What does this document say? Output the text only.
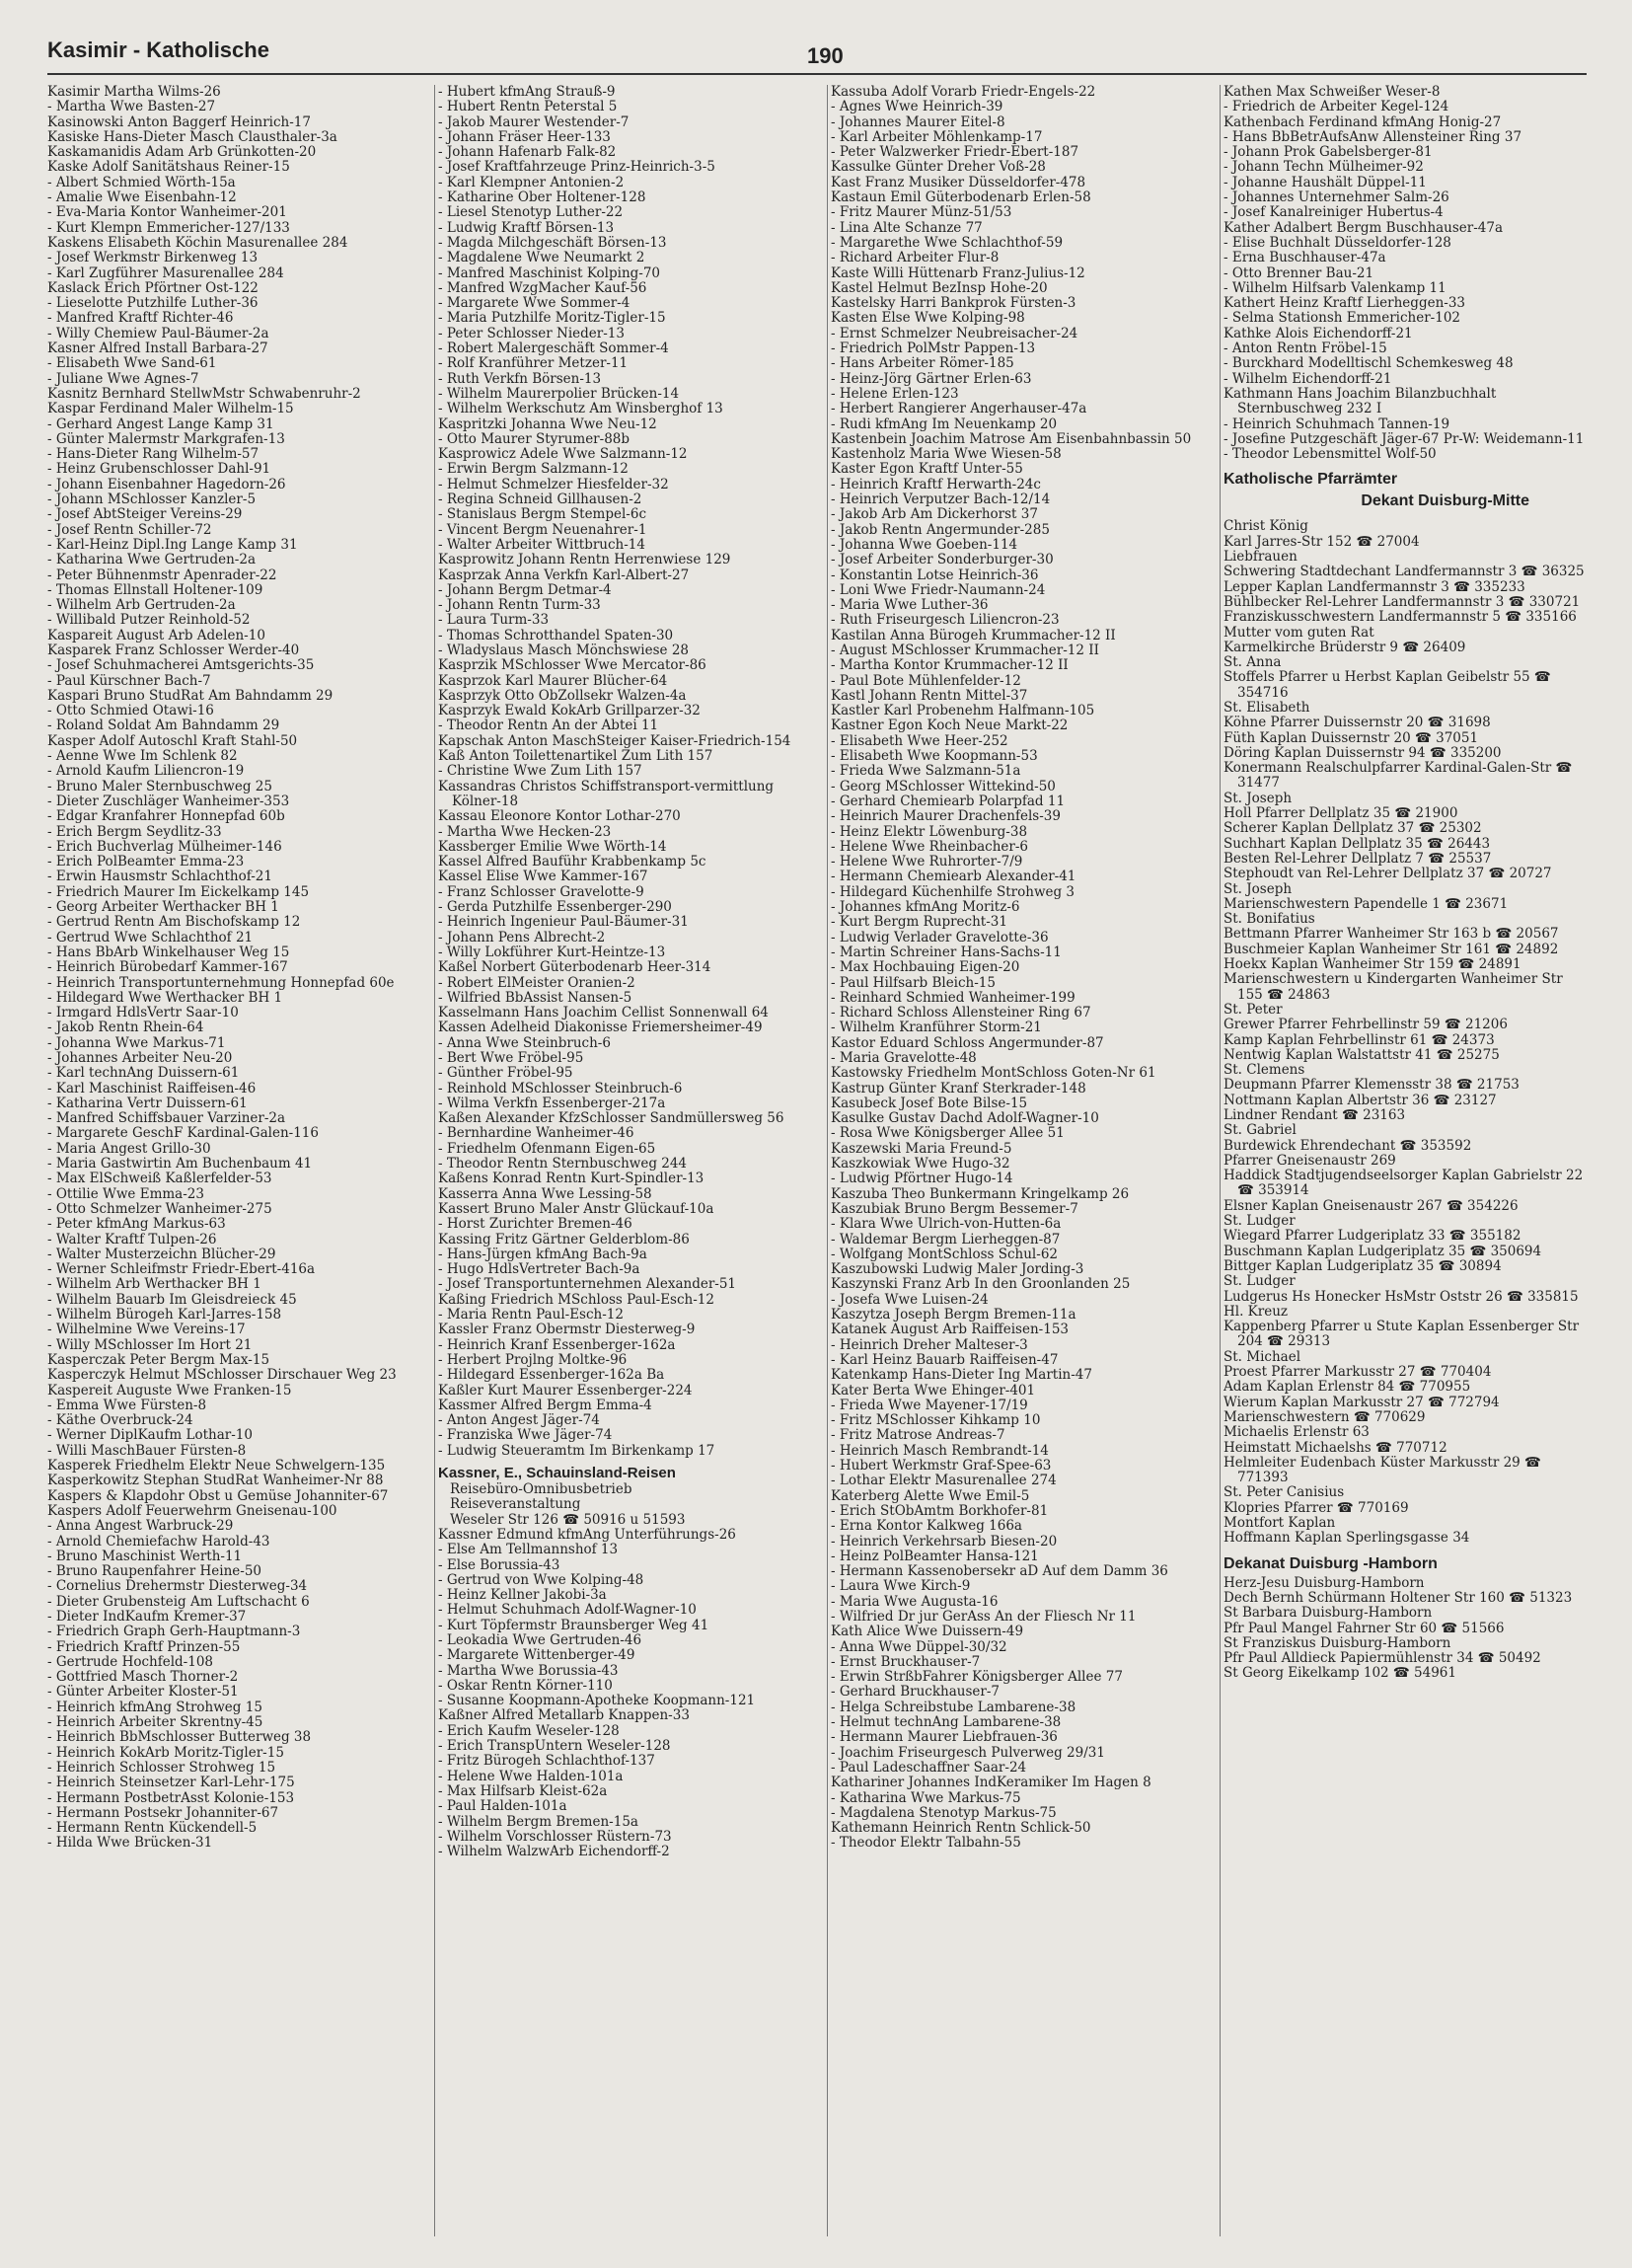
Kasimir - Katholische	190
Kasimir Martha Wilms-26
- Martha Wwe Basten-27
Kasinowski Anton Baggerf Heinrich-17
Kasiske Hans-Dieter Masch Clausthaler-3a
Kaskamanidis Adam Arb Grünkotten-20
Kaske Adolf Sanitätshaus Reiner-15
- Albert Schmied Wörth-15a
- Amalie Wwe Eisenbahn-12
- Eva-Maria Kontor Wanheimer-201
- Kurt Klempn Emmericher-127/133
Kaskens Elisabeth Köchin Masurenallee 284
- Josef Werkmstr Birkenweg 13
- Karl Zugführer Masurenallee 284
Kaslack Erich Pförtner Ost-122
- Lieselotte Putzhilfe Luther-36
- Manfred Kraftf Richter-46
- Willy Chemiew Paul-Bäumer-2a
Kasner Alfred Install Barbara-27
- Elisabeth Wwe Sand-61
- Juliane Wwe Agnes-7
Kasnitz Bernhard StellwMstr Schwabenruhr-2
Kaspar Ferdinand Maler Wilhelm-15
- Gerhard Angest Lange Kamp 31
- Günter Malermstr Markgrafen-13
- Hans-Dieter Rang Wilhelm-57
- Heinz Grubenschlosser Dahl-91
- Johann Eisenbahner Hagedorn-26
- Johann MSchlosser Kanzler-5
- Josef AbtSteiger Vereins-29
- Josef Rentn Schiller-72
- Karl-Heinz Dipl.Ing Lange Kamp 31
- Katharina Wwe Gertruden-2a
- Peter Bühnenmstr Apenrader-22
- Thomas Ellnstall Holtener-109
- Wilhelm Arb Gertruden-2a
- Willibald Putzer Reinhold-52
Kaspareit August Arb Adelen-10
Kasparek Franz Schlosser Werder-40
- Josef Schuhmacherei Amtsgerichts-35
- Paul Kürschner Bach-7
Kaspari Bruno StudRat Am Bahndamm 29
- Otto Schmied Otawi-16
- Roland Soldat Am Bahndamm 29
Kasper Adolf Autoschl Kraft Stahl-50
- Aenne Wwe Im Schlenk 82
- Arnold Kaufm Liliencron-19
- Bruno Maler Sternbuschweg 25
- Dieter Zuschläger Wanheimer-353
- Edgar Kranfahrer Honnepfad 60b
- Erich Bergm Seydlitz-33
- Erich Buchverlag Mülheimer-146
- Erich PolBeamter Emma-23
- Erwin Hausmstr Schlachthof-21
- Friedrich Maurer Im Eickelkamp 145
- Georg Arbeiter Werthacker BH 1
- Gertrud Rentn Am Bischofskamp 12
- Gertrud Wwe Schlachthof 21
- Hans BbArb Winkelhauser Weg 15
- Heinrich Bürobedarf Kammer-167
- Heinrich Transportunternehmung Honnepfad 60e
- Hildegard Wwe Werthacker BH 1
- Irmgard HdlsVertr Saar-10
- Jakob Rentn Rhein-64
- Johanna Wwe Markus-71
- Johannes Arbeiter Neu-20
- Karl technAng Duissern-61
- Karl Maschinist Raiffeisen-46
- Katharina Vertr Duissern-61
- Manfred Schiffsbauer Varziner-2a
- Margarete GeschF Kardinal-Galen-116
- Maria Angest Grillo-30
- Maria Gastwirtin Am Buchenbaum 41
- Max ElSchweiß Kaßlerfelder-53
- Ottilie Wwe Emma-23
- Otto Schmelzer Wanheimer-275
- Peter kfmAng Markus-63
- Walter Kraftf Tulpen-26
- Walter Musterzeichn Blücher-29
- Werner Schleifmstr Friedr-Ebert-416a
- Wilhelm Arb Werthacker BH 1
- Wilhelm Bauarb Im Gleisdreieck 45
- Wilhelm Bürogeh Karl-Jarres-158
- Wilhelmine Wwe Vereins-17
- Willy MSchlosser Im Hort 21
Kasperczak Peter Bergm Max-15
Kasperczyk Helmut MSchlosser Dirschauer Weg 23
Kaspereit Auguste Wwe Franken-15
- Emma Wwe Fürsten-8
- Käthe Overbruck-24
- Werner DiplKaufm Lothar-10
- Willi MaschBauer Fürsten-8
Kasperek Friedhelm Elektr Neue Schwelgern-135
Kasperkowitz Stephan StudRat Wanheimer-Nr 88
Kaspers & Klapdohr Obst u Gemüse Johanniter-67
Kaspers Adolf Feuerwehrm Gneisenau-100
- Anna Angest Warbruck-29
- Arnold Chemiefachw Harold-43
- Bruno Maschinist Werth-11
- Bruno Raupenfahrer Heine-50
- Cornelius Drehermstr Diesterweg-34
- Dieter Grubensteig Am Luftschacht 6
- Dieter IndKaufm Kremer-37
- Friedrich Graph Gerh-Hauptmann-3
- Friedrich Kraftf Prinzen-55
- Gertrude Hochfeld-108
- Gottfried Masch Thorner-2
- Günter Arbeiter Kloster-51
- Heinrich kfmAng Strohweg 15
- Heinrich Arbeiter Skrentny-45
- Heinrich BbMschlosser Butterweg 38
- Heinrich KokArb Moritz-Tigler-15
- Heinrich Schlosser Strohweg 15
- Heinrich Steinsetzer Karl-Lehr-175
- Hermann PostbetrAsst Kolonie-153
- Hermann Postsekr Johanniter-67
- Hermann Rentn Kückendell-5
- Hilda Wwe Brücken-31
- Hubert kfmAng Strauß-9
- Hubert Rentn Peterstal 5
- Jakob Maurer Westender-7
- Johann Fräser Heer-133
- Johann Hafenarb Falk-82
- Josef Kraftfahrzeuge Prinz-Heinrich-3-5
- Karl Klempner Antonien-2
- Katharine Ober Holtener-128
- Liesel Stenotyp Luther-22
- Ludwig Kraftf Börsen-13
- Magda Milchgeschäft Börsen-13
- Magdalene Wwe Neumarkt 2
- Manfred Maschinist Kolping-70
- Manfred WzgMacher Kauf-56
- Margarete Wwe Sommer-4
- Maria Putzhilfe Moritz-Tigler-15
- Peter Schlosser Nieder-13
- Robert Malergeschäft Sommer-4
- Rolf Kranführer Metzer-11
- Ruth Verkfn Börsen-13
- Wilhelm Maurerpolier Brücken-14
- Wilhelm Werkschutz Am Winsberghof 13
Kaspritzki Johanna Wwe Neu-12
- Otto Maurer Styrumer-88b
Kasprowicz Adele Wwe Salzmann-12
- Erwin Bergm Salzmann-12
- Helmut Schmelzer Hiesfelder-32
- Regina Schneid Gillhausen-2
- Stanislaus Bergm Stempel-6c
- Vincent Bergm Neuenahrer-1
- Walter Arbeiter Wittbruch-14
Kasprowitz Johann Rentn Herrenwiese 129
Kasprzak Anna Verkfn Karl-Albert-27
- Johann Bergm Detmar-4
- Johann Rentn Turm-33
- Laura Turm-33
- Thomas Schrotthandel Spaten-30
- Wladyslaus Masch Mönchswiese 28
Kasprzik MSchlosser Wwe Mercator-86
Kasprzok Karl Maurer Blücher-64
Kasprzyk Otto ObZollsekr Walzen-4a
Kasprzyk Ewald KokArb Grillparzer-32
- Theodor Rentn An der Abtei 11
Kapschak Anton MaschSteiger Kaiser-Friedrich-154
Kaß Anton Toilettenartikel Zum Lith 157
- Christine Wwe Zum Lith 157
Kassandras Christos Schiffstransport-vermittlung Kölner-18
Kassau Eleonore Kontor Lothar-270
- Martha Wwe Hecken-23
Kassberger Emilie Wwe Wörth-14
Kassel Alfred Bauführ Krabbenkamp 5c
Kassel Elise Wwe Kammer-167
- Franz Schlosser Gravelotte-9
- Gerda Putzhilfe Essenberger-290
- Heinrich Ingenieur Paul-Bäumer-31
- Johann Pens Albrecht-2
- Willy Lokführer Kurt-Heintze-13
Kaßel Norbert Güterbodenarb Heer-314
- Robert ElMeister Oranien-2
- Wilfried BbAssist Nansen-5
Kasselmann Hans Joachim Cellist Sonnenwall 64
Kassen Adelheid Diakonisse Friemersheimer-49
- Anna Wwe Steinbruch-6
- Bert Wwe Fröbel-95
- Günther Fröbel-95
- Reinhold MSchlosser Steinbruch-6
- Wilma Verkfn Essenberger-217a
Kaßen Alexander KfzSchlosser Sandmüllersweg 56
- Bernhardine Wanheimer-46
- Friedhelm Ofenmann Eigen-65
- Theodor Rentn Sternbuschweg 244
Kaßens Konrad Rentn Kurt-Spindler-13
Kasserra Anna Wwe Lessing-58
Kassert Bruno Maler Anstr Glückauf-10a
- Horst Zurichter Bremen-46
Kassing Fritz Gärtner Gelderblom-86
- Hans-Jürgen kfmAng Bach-9a
- Hugo HdlsVertreter Bach-9a
- Josef Transportunternehmen Alexander-51
Kaßing Friedrich MSchloss Paul-Esch-12
- Maria Rentn Paul-Esch-12
Kassler Franz Obermstr Diesterweg-9
- Heinrich Kranf Essenberger-162a
- Herbert Projlng Moltke-96
- Hildegard Essenberger-162a Ba
Kaßler Kurt Maurer Essenberger-224
Kassmer Alfred Bergm Emma-4
- Anton Angest Jäger-74
- Franziska Wwe Jäger-74
- Ludwig Steueramtm Im Birkenkamp 17
Kassner, E., Schauinsland-Reisen
Reisebüro-Omnibusbetrieb
Reiseveranstaltung
Weseler Str 126 ☎ 50916 u 51593
Kassner Edmund kfmAng Unterführungs-26
- Else Am Tellmannshof 13
- Else Borussia-43
- Gertrud von Wwe Kolping-48
- Heinz Kellner Jakobi-3a
- Helmut Schuhmach Adolf-Wagner-10
- Kurt Töpfermstr Braunsberger Weg 41
- Leokadia Wwe Gertruden-46
- Margarete Wittenberger-49
- Martha Wwe Borussia-43
- Oskar Rentn Körner-110
- Susanne Koopmann-Apotheke Koopmann-121
Kaßner Alfred Metallarb Knappen-33
- Erich Kaufm Weseler-128
- Erich TranspUntern Weseler-128
- Fritz Bürogeh Schlachthof-137
- Helene Wwe Halden-101a
- Max Hilfsarb Kleist-62a
- Paul Halden-101a
- Wilhelm Bergm Bremen-15a
- Wilhelm Vorschlosser Rüstern-73
- Wilhelm WalzwArb Eichendorff-2
Kassuba Adolf Vorarb Friedr-Engels-22
- Agnes Wwe Heinrich-39
- Johannes Maurer Eitel-8
- Karl Arbeiter Möhlenkamp-17
- Peter Walzwerker Friedr-Ebert-187
Kassulke Günter Dreher Voß-28
Kast Franz Musiker Düsseldorfer-478
Kastaun Emil Güterbodenarb Erlen-58
- Fritz Maurer Münz-51/53
- Lina Alte Schanze 77
- Margarethe Wwe Schlachthof-59
- Richard Arbeiter Flur-8
Kaste Willi Hüttenarb Franz-Julius-12
Kastel Helmut BezInsp Hohe-20
Kastelsky Harri Bankprok Fürsten-3
Kasten Else Wwe Kolping-98
- Ernst Schmelzer Neubreisacher-24
- Friedrich PolMstr Pappen-13
- Hans Arbeiter Römer-185
- Heinz-Jörg Gärtner Erlen-63
- Helene Erlen-123
- Herbert Rangierer Angerhauser-47a
- Rudi kfmAng Im Neuenkamp 20
Kastenbein Joachim Matrose Am Eisenbahnbassin 50
Kastenholz Maria Wwe Wiesen-58
Kaster Egon Kraftf Unter-55
- Heinrich Kraftf Herwarth-24c
- Heinrich Verputzer Bach-12/14
- Jakob Arb Am Dickerhorst 37
- Jakob Rentn Angermunder-285
- Johanna Wwe Goeben-114
- Josef Arbeiter Sonderburger-30
- Konstantin Lotse Heinrich-36
- Loni Wwe Friedr-Naumann-24
- Maria Wwe Luther-36
- Ruth Friseurgesch Liliencron-23
Kastilan Anna Bürogeh Krummacher-12 II
- August MSchlosser Krummacher-12 II
- Martha Kontor Krummacher-12 II
- Paul Bote Mühlenfelder-12
Kastl Johann Rentn Mittel-37
Kastler Karl Probenehm Halfmann-105
Kastner Egon Koch Neue Markt-22
- Elisabeth Wwe Heer-252
- Elisabeth Wwe Koopmann-53
- Frieda Wwe Salzmann-51a
- Georg MSchlosser Wittekind-50
- Gerhard Chemiearb Polarpfad 11
- Heinrich Maurer Drachenfels-39
- Heinz Elektr Löwenburg-38
- Helene Wwe Rheinbacher-6
- Helene Wwe Ruhrorter-7/9
- Hermann Chemiearb Alexander-41
- Hildegard Küchenhilfe Strohweg 3
- Johannes kfmAng Moritz-6
- Kurt Bergm Ruprecht-31
- Ludwig Verlader Gravelotte-36
- Martin Schreiner Hans-Sachs-11
- Max Hochbauing Eigen-20
- Paul Hilfsarb Bleich-15
- Reinhard Schmied Wanheimer-199
- Richard Schloss Allensteiner Ring 67
- Wilhelm Kranführer Storm-21
Kastor Eduard Schloss Angermunder-87
- Maria Gravelotte-48
Kastowsky Friedhelm MontSchloss Goten-Nr 61
Kastrup Günter Kranf Sterkrader-148
Kasubeck Josef Bote Bilse-15
Kasulke Gustav Dachd Adolf-Wagner-10
- Rosa Wwe Königsberger Allee 51
Kaszewski Maria Freund-5
Kaszkowiak Wwe Hugo-32
- Ludwig Pförtner Hugo-14
Kaszuba Theo Bunkermann Kringelkamp 26
Kaszubiak Bruno Bergm Bessemer-7
- Klara Wwe Ulrich-von-Hutten-6a
- Waldemar Bergm Lierheggen-87
- Wolfgang MontSchloss Schul-62
Kaszubowski Ludwig Maler Jording-3
Kaszynski Franz Arb In den Groonlanden 25
- Josefa Wwe Luisen-24
Kaszytza Joseph Bergm Bremen-11a
Katanek August Arb Raiffeisen-153
- Heinrich Dreher Malteser-3
- Karl Heinz Bauarb Raiffeisen-47
Katenkamp Hans-Dieter Ing Martin-47
Kater Berta Wwe Ehinger-401
- Frieda Wwe Mayener-17/19
- Fritz MSchlosser Kihkamp 10
- Fritz Matrose Andreas-7
- Heinrich Masch Rembrandt-14
- Hubert Werkmstr Graf-Spee-63
- Lothar Elektr Masurenallee 274
Katerberg Alette Wwe Emil-5
- Erich StObAmtm Borkhofer-81
- Erna Kontor Kalkweg 166a
- Heinrich Verkehrsarb Biesen-20
- Heinz PolBeamter Hansa-121
- Hermann Kassenobersekr aD Auf dem Damm 36
- Laura Wwe Kirch-9
- Maria Wwe Augusta-16
- Wilfried Dr jur GerAss An der Fliesch Nr 11
Kath Alice Wwe Duissern-49
- Anna Wwe Düppel-30/32
- Ernst Bruckhauser-7
- Erwin StrßbFahrer Königsberger Allee 77
- Gerhard Bruckhauser-7
- Helga Schreibstube Lambarene-38
- Helmut technAng Lambarene-38
- Hermann Maurer Liebfrauen-36
- Joachim Friseurgesch Pulverweg 29/31
- Paul Ladeschaffner Saar-24
Kathariner Johannes IndKeramiker Im Hagen 8
- Katharina Wwe Markus-75
- Magdalena Stenotyp Markus-75
Kathemann Heinrich Rentn Schlick-50
- Theodor Elektr Talbahn-55
Kathen Max Schweißer Weser-8
- Friedrich de Arbeiter Kegel-124
Kathenbach Ferdinand kfmAng Honig-27
- Hans BbBetrAufsAnw Allensteiner Ring 37
- Johann Prok Gabelsberger-81
- Johann Techn Mülheimer-92
- Johanne Haushält Düppel-11
- Johannes Unternehmer Salm-26
- Josef Kanalreiniger Hubertus-4
Kather Adalbert Bergm Buschhauser-47a
- Elise Buchhalt Düsseldorfer-128
- Erna Buschhauser-47a
- Otto Brenner Bau-21
- Wilhelm Hilfsarb Valenkamp 11
Kathert Heinz Kraftf Lierheggen-33
- Selma Stationsh Emmericher-102
Kathke Alois Eichendorff-21
- Anton Rentn Fröbel-15
- Burckhard Modelltischl Schemkesweg 48
- Wilhelm Eichendorff-21
Kathmann Hans Joachim Bilanzbuchhalt Sternbuschweg 232 I
- Heinrich Schuhmach Tannen-19
- Josefine Putzgeschäft Jäger-67 Pr-W: Weidemann-11
- Theodor Lebensmittel Wolf-50
Katholische Pfarrämter
Dekant Duisburg-Mitte
Christ König
Karl Jarres-Str 152 ☎ 27004
Liebfrauen
Schwering Stadtdechant Landfermannstr 3 ☎ 36325
Lepper Kaplan Landfermannstr 3 ☎ 335233
Bühlbecker Rel-Lehrer Landfermannstr 3 ☎ 330721
Franziskusschwestern Landfermannstr 5 ☎ 335166
Mutter vom guten Rat
Karmelkirche Brüderstr 9 ☎ 26409
St. Anna
Stoffels Pfarrer u Herbst Kaplan Geibelstr 55 ☎ 354716
St. Elisabeth
Köhne Pfarrer Duissernstr 20 ☎ 31698
Füth Kaplan Duissernstr 20 ☎ 37051
Döring Kaplan Duissernstr 94 ☎ 335200
Konermann Realschulpfarrer Kardinal-Galen-Str ☎ 31477
St. Joseph
Holl Pfarrer Dellplatz 35 ☎ 21900
Scherer Kaplan Dellplatz 37 ☎ 25302
Suchhart Kaplan Dellplatz 35 ☎ 26443
Besten Rel-Lehrer Dellplatz 7 ☎ 25537
Stephoudt van Rel-Lehrer Dellplatz 37 ☎ 20727
St. Joseph
Marienschwestern Papendelle 1 ☎ 23671
St. Bonifatius
Bettmann Pfarrer Wanheimer Str 163 b ☎ 20567
Buschmeier Kaplan Wanheimer Str 161 ☎ 24892
Hoekx Kaplan Wanheimer Str 159 ☎ 24891
Marienschwestern u Kindergarten Wanheimer Str 155 ☎ 24863
St. Peter
Grewer Pfarrer Fehrbellinstr 59 ☎ 21206
Kamp Kaplan Fehrbellinstr 61 ☎ 24373
Nentwig Kaplan Walstattstr 41 ☎ 25275
St. Clemens
Deupmann Pfarrer Klemensstr 38 ☎ 21753
Nottmann Kaplan Albertstr 36 ☎ 23127
Lindner Rendant ☎ 23163
St. Gabriel
Burdewick Ehrendechant ☎ 353592
Pfarrer Gneisenaustr 269
Haddick Stadtjugendseelsorger Kaplan Gabrielstr 22 ☎ 353914
Elsner Kaplan Gneisenaustr 267 ☎ 354226
St. Ludger
Wiegard Pfarrer Ludgeriplatz 33 ☎ 355182
Buschmann Kaplan Ludgeriplatz 35 ☎ 350694
Bittger Kaplan Ludgeriplatz 35 ☎ 30894
St. Ludger
Ludgerus Hs Honecker HsMstr Oststr 26 ☎ 335815
Hl. Kreuz
Kappenberg Pfarrer u Stute Kaplan Essenberger Str 204 ☎ 29313
St. Michael
Proest Pfarrer Markusstr 27 ☎ 770404
Adam Kaplan Erlenstr 84 ☎ 770955
Wierum Kaplan Markusstr 27 ☎ 772794
Marienschwestern ☎ 770629
Michaelis Erlenstr 63
Heimstatt Michaelshs ☎ 770712
Helmleiter Eudenbach Küster Markusstr 29 ☎ 771393
St. Peter Canisius
Klopries Pfarrer ☎ 770169
Montfort Kaplan
Hoffmann Kaplan Sperlingsgasse 34
Dekanat Duisburg -Hamborn
Herz-Jesu Duisburg-Hamborn
Dech Bernh Schürmann Holtener Str 160 ☎ 51323
St Barbara Duisburg-Hamborn
Pfr Paul Mangel Fahrner Str 60 ☎ 51566
St Franziskus Duisburg-Hamborn
Pfr Paul Alldieck Papiermühlenstr 34 ☎ 50492
St Georg Eikelkamp 102 ☎ 54961
